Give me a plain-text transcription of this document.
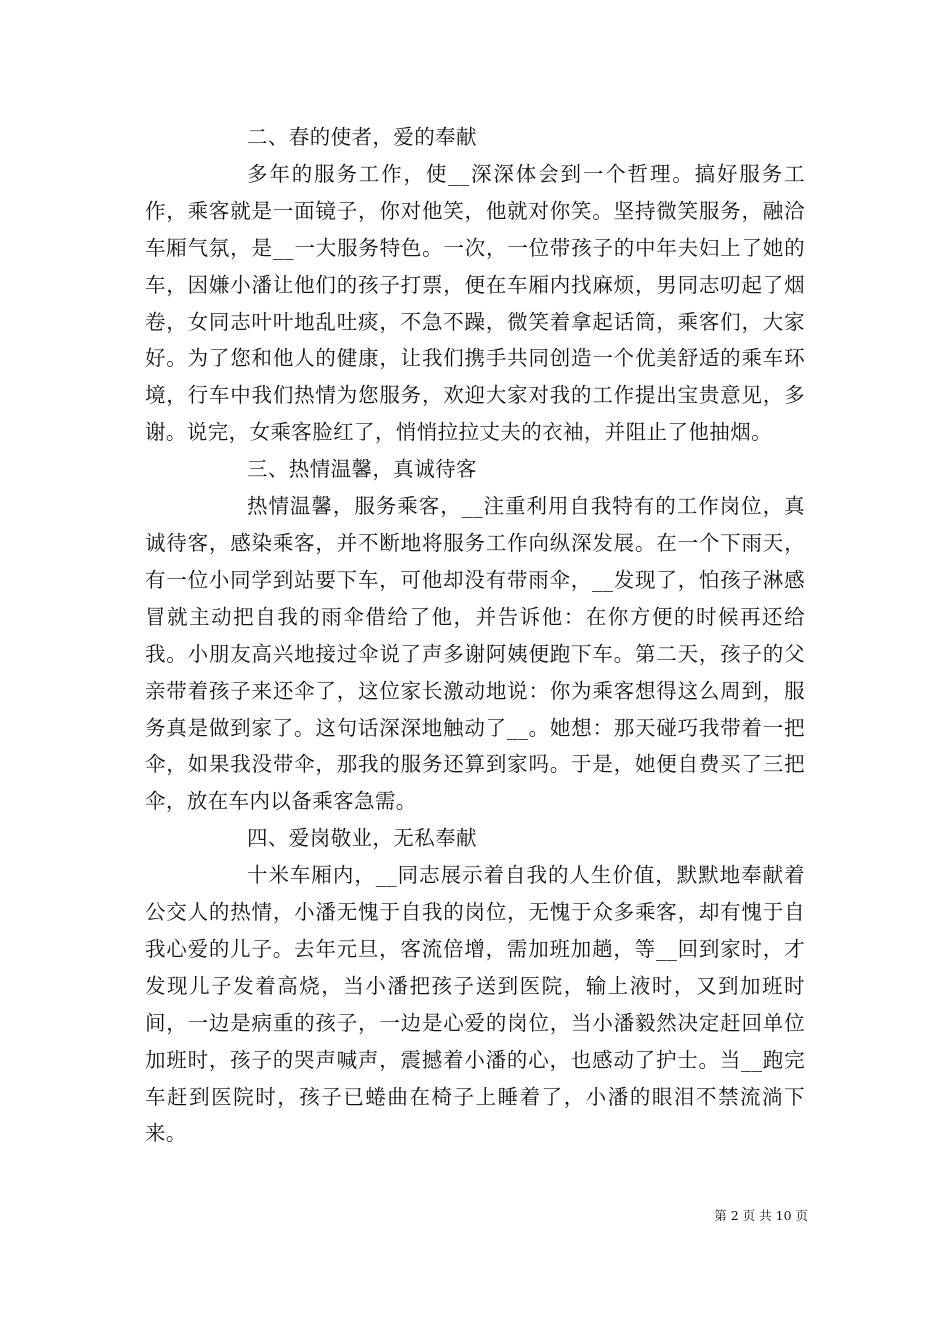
二、春的使者，爱的奉献

多年的服务工作，使__深深体会到一个哲理。搞好服务工作，乘客就是一面镜子，你对他笑，他就对你笑。坚持微笑服务，融洽车厢气氛，是__一大服务特色。一次，一位带孩子的中年夫妇上了她的车，因嫌小潘让他们的孩子打票，便在车厢内找麻烦，男同志叨起了烟卷，女同志叶叶地乱吐痰，不急不躁，微笑着拿起话筒，乘客们，大家好。为了您和他人的健康，让我们携手共同创造一个优美舒适的乘车环境，行车中我们热情为您服务，欢迎大家对我的工作提出宝贵意见，多谢。说完，女乘客脸红了，悄悄拉拉丈夫的衣袖，并阻止了他抽烟。

三、热情温馨，真诚待客

热情温馨，服务乘客，__注重利用自我特有的工作岗位，真诚待客，感染乘客，并不断地将服务工作向纵深发展。在一个下雨天，有一位小同学到站要下车，可他却没有带雨伞，__发现了，怕孩子淋感冒就主动把自我的雨伞借给了他，并告诉他：在你方便的时候再还给我。小朋友高兴地接过伞说了声多谢阿姨便跑下车。第二天，孩子的父亲带着孩子来还伞了，这位家长激动地说：你为乘客想得这么周到，服务真是做到家了。这句话深深地触动了__。她想：那天碰巧我带着一把伞，如果我没带伞，那我的服务还算到家吗。于是，她便自费买了三把伞，放在车内以备乘客急需。

四、爱岗敬业，无私奉献

十米车厢内，__同志展示着自我的人生价值，默默地奉献着公交人的热情，小潘无愧于自我的岗位，无愧于众多乘客，却有愧于自我心爱的儿子。去年元旦，客流倍增，需加班加趟，等__回到家时，才发现儿子发着高烧，当小潘把孩子送到医院，输上液时，又到加班时间，一边是病重的孩子，一边是心爱的岗位，当小潘毅然决定赶回单位加班时，孩子的哭声喊声，震撼着小潘的心，也感动了护士。当__跑完车赶到医院时，孩子已蜷曲在椅子上睡着了，小潘的眼泪不禁流淌下来。

第 2 页 共 10 页
